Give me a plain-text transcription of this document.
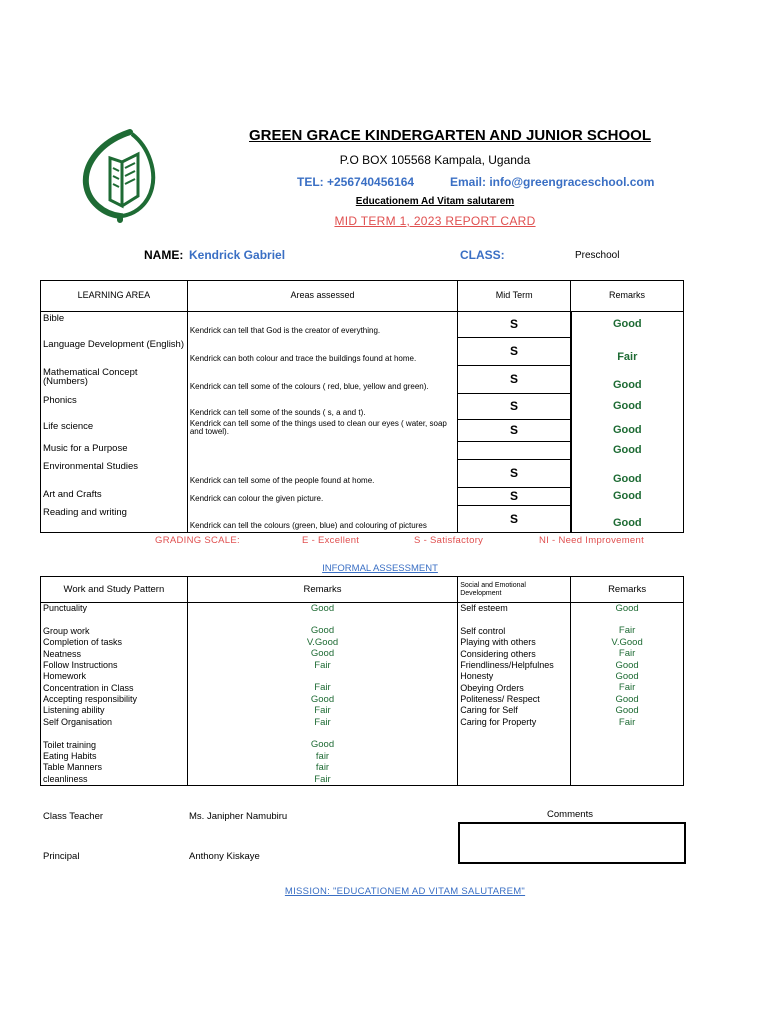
GREEN GRACE KINDERGARTEN AND JUNIOR SCHOOL
P.O BOX 105568 Kampala, Uganda
TEL: +256740456164	Email: info@greengraceschool.com
Educationem Ad Vitam salutarem
MID TERM 1, 2023 REPORT CARD
NAME: Kendrick Gabriel	CLASS:	Preschool
LEARNING AREA	Areas assessed	Mid Term	Remarks
Bible	Kendrick can tell that God is the creator of everything.	S	Good
Language Development (English)	Kendrick can both colour and trace the buildings found at home.	S	Fair
Mathematical Concept (Numbers)	Kendrick can tell some of the colours ( red, blue, yellow and green).	S	Good
Phonics	Kendrick can tell some of the sounds ( s, a and t).	S	Good
Life science	Kendrick can tell some of the things used to clean our eyes ( water, soap and towel).	S	Good
Music for a Purpose			Good
Environmental Studies	Kendrick can tell some of the people found at home.	S	Good
Art and Crafts	Kendrick can colour the given picture.	S	Good
Reading and writing	Kendrick can tell the colours (green, blue) and colouring of pictures	S	Good
GRADING SCALE:	E - Excellent	S - Satisfactory	NI - Need Improvement
INFORMAL ASSESSMENT
Work and Study Pattern	Remarks	Social and Emotional Development	Remarks
Punctuality	Good	Self esteem	Good

Group work	Good	Self control	Fair
Completion of tasks	V.Good	Playing with others	V.Good
Neatness	Good	Considering others	Fair
Follow Instructions	Fair	Friendliness/Helpfulnes	Good
Homework		Honesty	Good
Concentration in Class	Fair	Obeying Orders	Fair
Accepting responsibility	Good	Politeness/ Respect	Good
Listening ability	Fair	Caring for Self	Good
Self Organisation	Fair	Caring for Property	Fair

Toilet training	Good		
Eating Habits	fair		
Table Manners	fair		
cleanliness	Fair		
Class Teacher	Ms. Janipher Namubiru	Comments
Principal	Anthony Kiskaye
MISSION: "EDUCATIONEM AD VITAM SALUTAREM"
